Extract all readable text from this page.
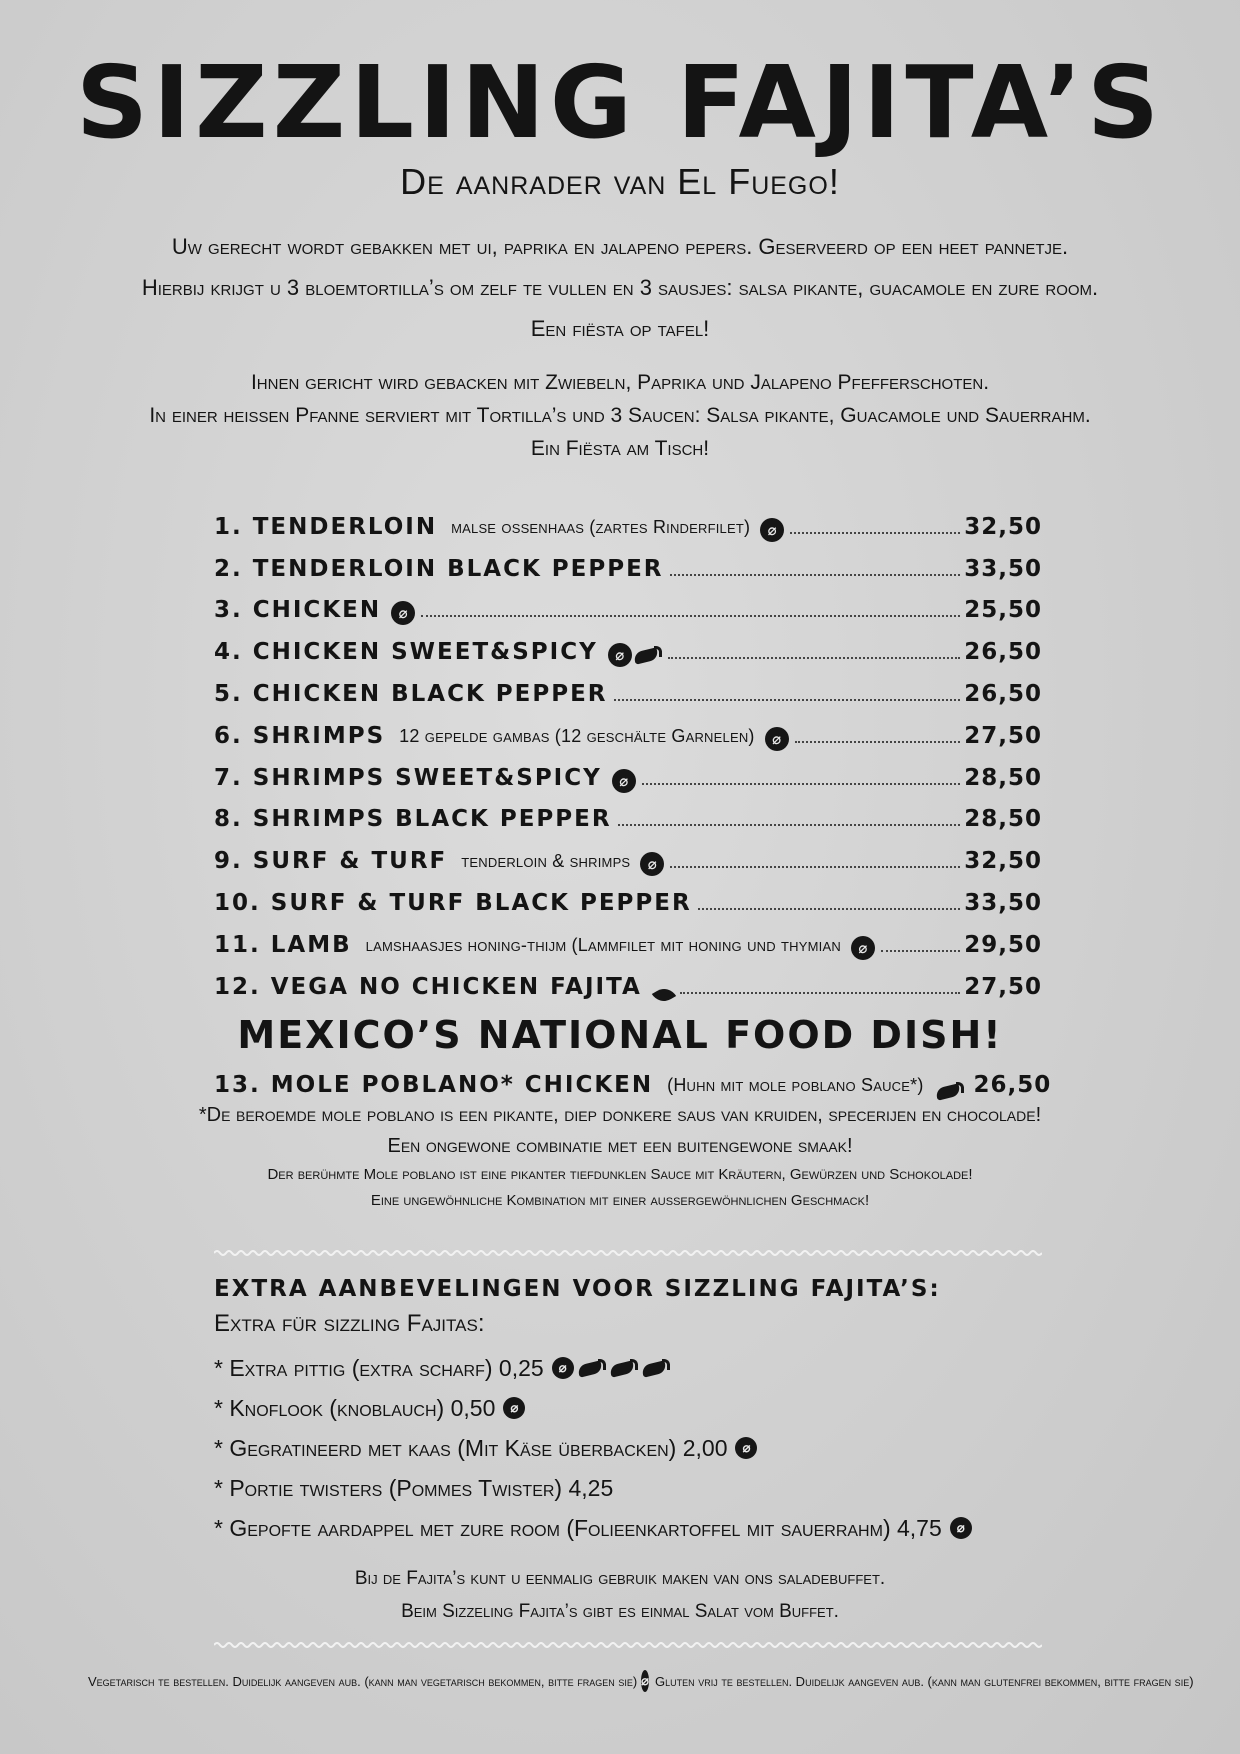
SIZZLING FAJITA’S
De aanrader van El Fuego!
Uw gerecht wordt gebakken met ui, paprika en jalapeno pepers. Geserveerd op een heet pannetje.
Hierbij krijgt u 3 bloemtortilla’s om zelf te vullen en 3 sausjes: salsa pikante, guacamole en zure room.
Een fiësta op tafel!
Ihnen gericht wird gebacken mit Zwiebeln, Paprika und Jalapeno Pfefferschoten.
In einer heißen Pfanne serviert mit Tortilla’s und 3 Saucen: Salsa pikante, Guacamole und Sauerrahm.
Ein Fiësta am Tisch!
1. TENDERLOIN malse ossenhaas (zartes Rinderfilet)	⌀	32,50
2. TENDERLOIN BLACK PEPPER	33,50
3. CHICKEN	⌀	25,50
4. CHICKEN SWEET&SPICY	⌀	26,50
5. CHICKEN BLACK PEPPER	26,50
6. SHRIMPS 12 gepelde gambas (12 geschälte Garnelen)	⌀	27,50
7. SHRIMPS SWEET&SPICY	⌀	28,50
8. SHRIMPS BLACK PEPPER	28,50
9. SURF & TURF tenderloin & shrimps	⌀	32,50
10. SURF & TURF BLACK PEPPER	33,50
11. LAMB lamshaasjes honing-thijm (Lammfilet mit honing und thymian	⌀	29,50
12. VEGA NO CHICKEN FAJITA	27,50
MEXICO’S NATIONAL FOOD DISH!
13. MOLE POBLANO* CHICKEN (Huhn mit mole poblano Sauce*) 26,50
*De beroemde mole poblano is een pikante, diep donkere saus van kruiden, specerijen en chocolade!
Een ongewone combinatie met een buitengewone smaak!
Der berühmte Mole poblano ist eine pikanter tiefdunklen Sauce mit Kräutern, Gewürzen und Schokolade!
Eine ungewöhnliche Kombination mit einer außergewöhnlichen Geschmack!
EXTRA AANBEVELINGEN VOOR SIZZLING FAJITA’S:
Extra für sizzling Fajitas:
* Extra pittig (extra scharf) 0,25	⌀
* Knoflook (knoblauch) 0,50	⌀
* Gegratineerd met kaas (Mit Käse überbacken) 2,00	⌀
* Portie twisters (Pommes Twister) 4,25
* Gepofte aardappel met zure room (Folieenkartoffel mit sauerrahm) 4,75	⌀
Bij de Fajita’s kunt u eenmalig gebruik maken van ons saladebuffet.
Beim Sizzeling Fajita’s gibt es einmal Salat vom Buffet.
Vegetarisch te bestellen. Duidelijk aangeven aub. (kann man vegetarisch bekommen, bitte fragen sie) ⌀ Gluten vrij te bestellen. Duidelijk aangeven aub. (kann man glutenfrei bekommen, bitte fragen sie)
